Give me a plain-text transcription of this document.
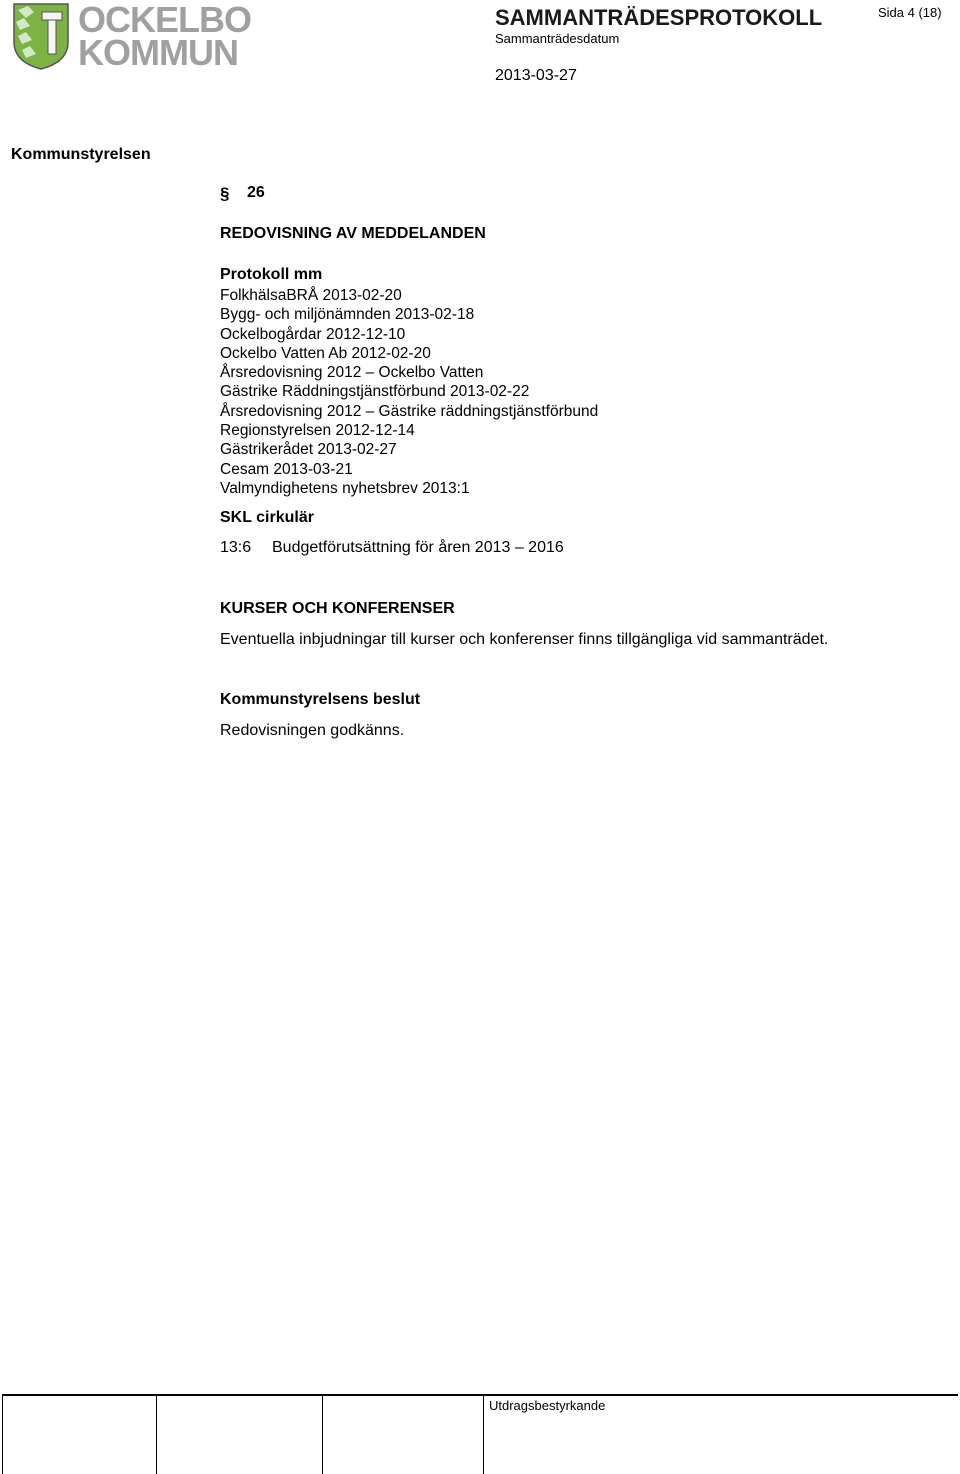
OCKELBO
KOMMUN
SAMMANTRÄDESPROTOKOLL
Sammanträdesdatum
2013-03-27
Sida 4 (18)
Kommunstyrelsen
§ 26
REDOVISNING AV MEDDELANDEN
Protokoll mm
FolkhälsaBRÅ 2013-02-20
Bygg- och miljönämnden 2013-02-18
Ockelbogårdar 2012-12-10
Ockelbo Vatten Ab 2012-02-20
Årsredovisning 2012 – Ockelbo Vatten
Gästrike Räddningstjänstförbund 2013-02-22
Årsredovisning 2012 – Gästrike räddningstjänstförbund
Regionstyrelsen 2012-12-14
Gästrikerådet 2013-02-27
Cesam 2013-03-21
Valmyndighetens nyhetsbrev 2013:1
SKL cirkulär
13:6 Budgetförutsättning för åren 2013 – 2016
KURSER OCH KONFERENSER
Eventuella inbjudningar till kurser och konferenser finns tillgängliga vid sammanträdet.
Kommunstyrelsens beslut
Redovisningen godkänns.
Utdragsbestyrkande
